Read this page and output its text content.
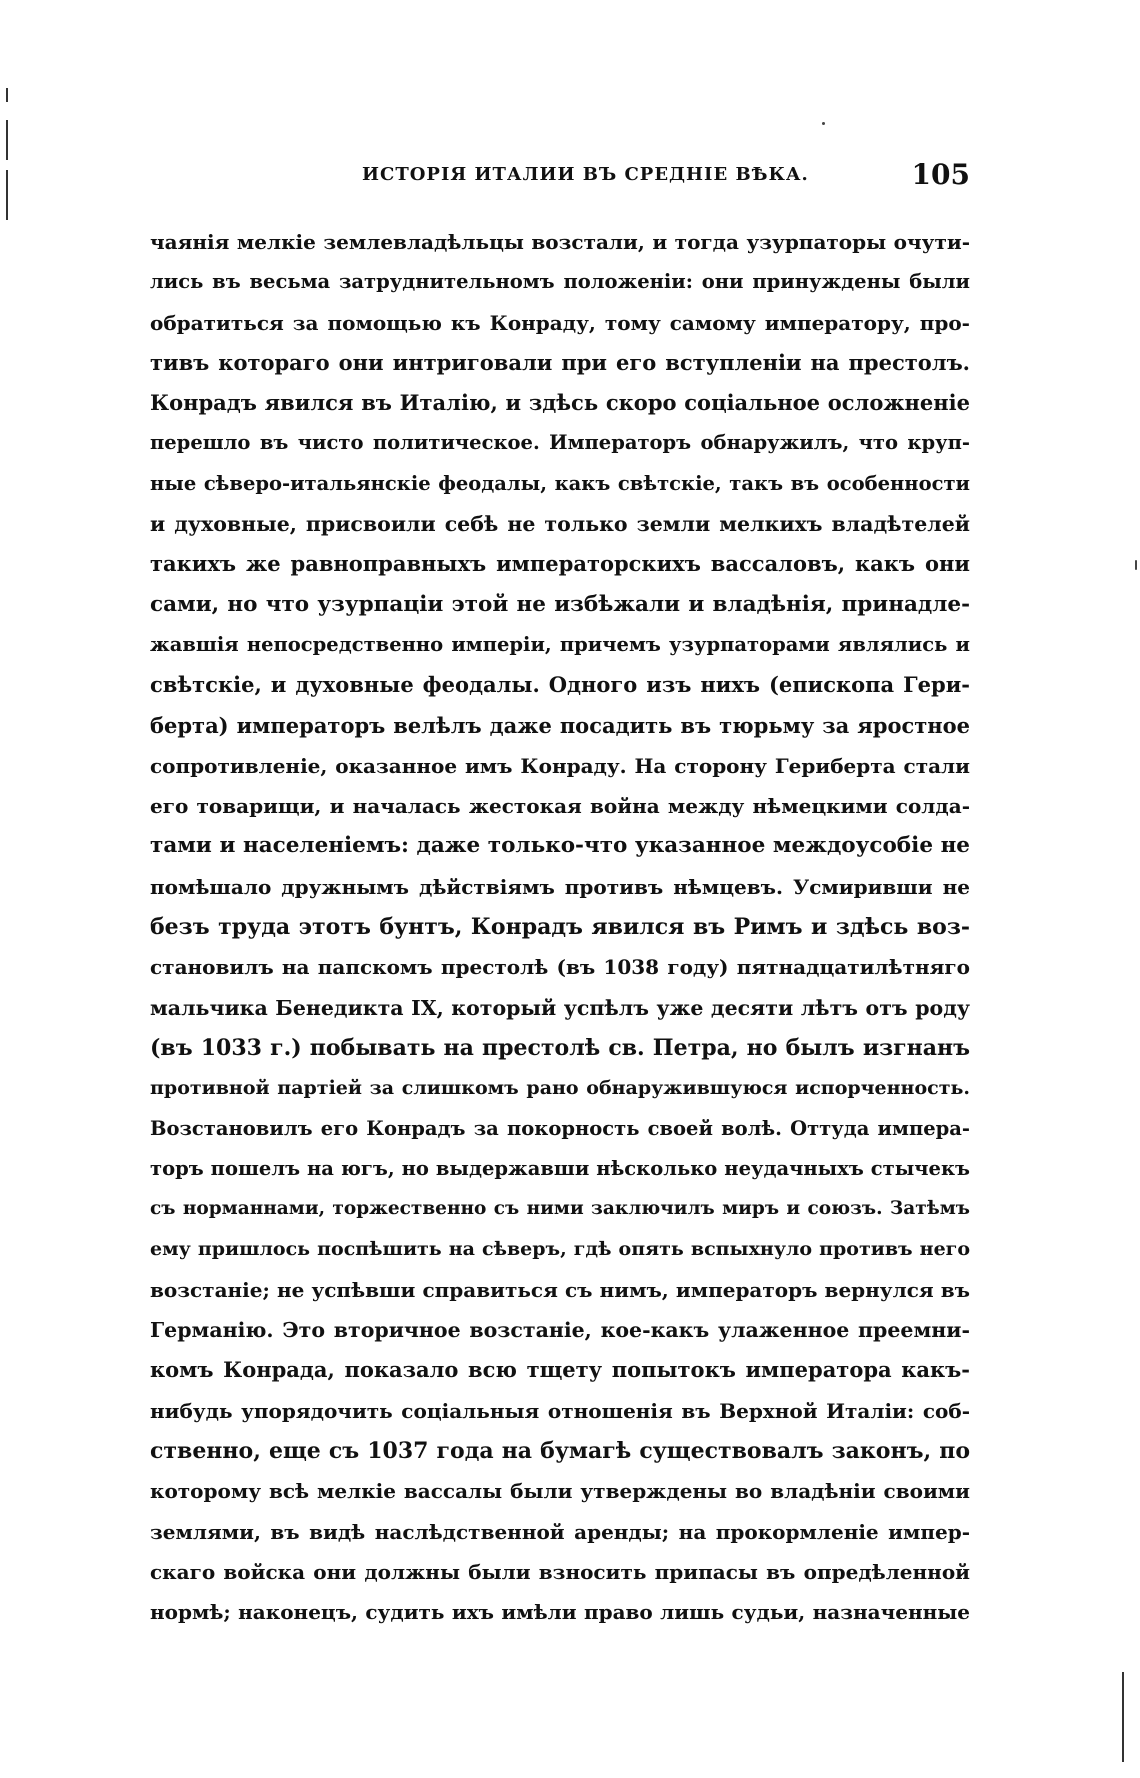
ИСТОРІЯ ИТАЛИИ ВЪ СРЕДНІЕ ВѢКА.	105
чаянія мелкіе землевладѣльцы возстали, и тогда узурпаторы очути-
лись въ весьма затруднительномъ положеніи: они принуждены были
обратиться за помощью къ Конраду, тому самому императору, про-
тивъ котораго они интриговали при его вступленіи на престолъ.
Конрадъ явился въ Италію, и здѣсь скоро соціальное осложненіе
перешло въ чисто политическое. Императоръ обнаружилъ, что круп-
ные сѣверо-итальянскіе феодалы, какъ свѣтскіе, такъ въ особенности
и духовные, присвоили себѣ не только земли мелкихъ владѣтелей
такихъ же равноправныхъ императорскихъ вассаловъ, какъ они
сами, но что узурпаціи этой не избѣжали и владѣнія, принадле-
жавшія непосредственно имперіи, причемъ узурпаторами являлись и
свѣтскіе, и духовные феодалы. Одного изъ нихъ (епископа Гери-
берта) императоръ велѣлъ даже посадить въ тюрьму за яростное
сопротивленіе, оказанное имъ Конраду. На сторону Гериберта стали
его товарищи, и началась жестокая война между нѣмецкими солда-
тами и населеніемъ: даже только-что указанное междоусобіе не
помѣшало дружнымъ дѣйствіямъ противъ нѣмцевъ. Усмиривши не
безъ труда этотъ бунтъ, Конрадъ явился въ Римъ и здѣсь воз-
становилъ на папскомъ престолѣ (въ 1038 году) пятнадцатилѣтняго
мальчика Бенедикта IX, который успѣлъ уже десяти лѣтъ отъ роду
(въ 1033 г.) побывать на престолѣ св. Петра, но былъ изгнанъ
противной партіей за слишкомъ рано обнаружившуюся испорченность.
Возстановилъ его Конрадъ за покорность своей волѣ. Оттуда импера-
торъ пошелъ на югъ, но выдержавши нѣсколько неудачныхъ стычекъ
съ норманнами, торжественно съ ними заключилъ миръ и союзъ. Затѣмъ
ему пришлось поспѣшить на сѣверъ, гдѣ опять вспыхнуло противъ него
возстаніе; не успѣвши справиться съ нимъ, императоръ вернулся въ
Германію. Это вторичное возстаніе, кое-какъ улаженное преемни-
комъ Конрада, показало всю тщету попытокъ императора какъ-
нибудь упорядочить соціальныя отношенія въ Верхной Италіи: соб-
ственно, еще съ 1037 года на бумагѣ существовалъ законъ, по
которому всѣ мелкіе вассалы были утверждены во владѣніи своими
землями, въ видѣ наслѣдственной аренды; на прокормленіе импер-
скаго войска они должны были взносить припасы въ опредѣленной
нормѣ; наконецъ, судить ихъ имѣли право лишь судьи, назначенные
